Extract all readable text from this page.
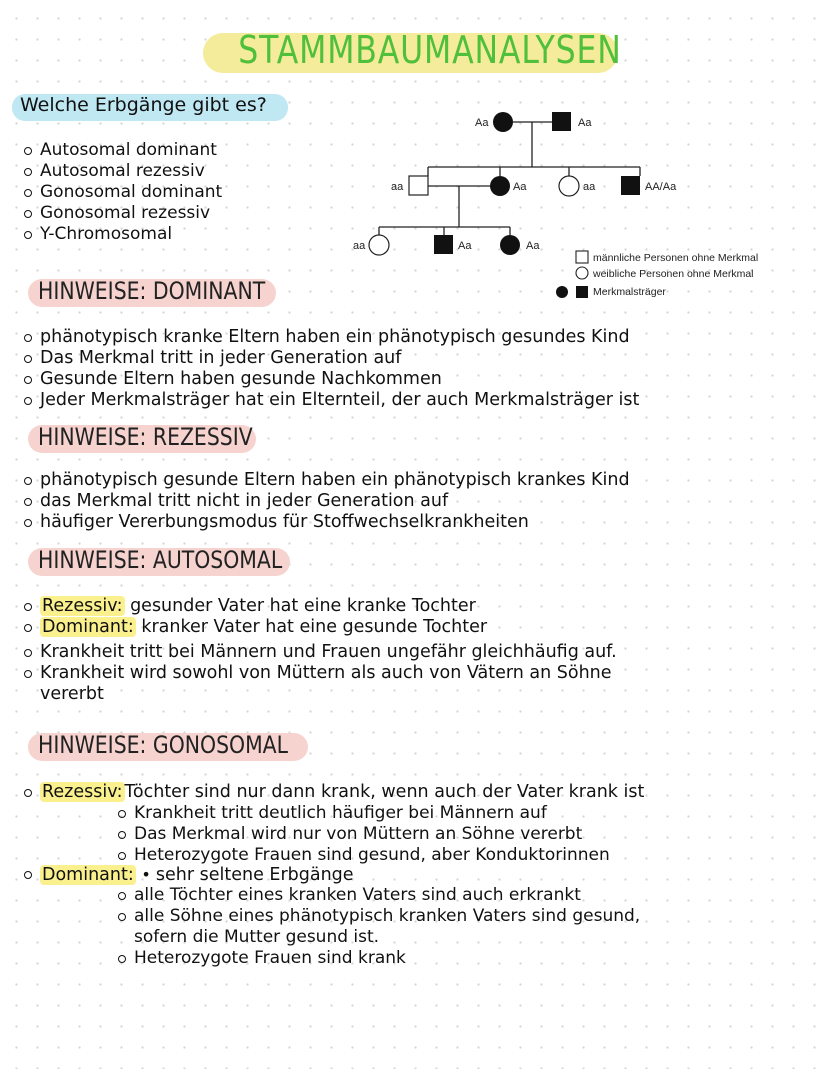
STAMMBAUMANALYSEN
Welche Erbgänge gibt es?
Autosomal dominant
Autosomal rezessiv
Gonosomal dominant
Gonosomal rezessiv
Y-Chromosomal
Aa	Aa
aa	Aa	aa	AA/Aa
aa	Aa	Aa
männliche Personen ohne Merkmal
weibliche Personen ohne Merkmal
Merkmalsträger
HINWEISE: DOMINANT
phänotypisch kranke Eltern haben ein phänotypisch gesundes Kind
Das Merkmal tritt in jeder Generation auf
Gesunde Eltern haben gesunde Nachkommen
Jeder Merkmalsträger hat ein Elternteil, der auch Merkmalsträger ist
HINWEISE: REZESSIV
phänotypisch gesunde Eltern haben ein phänotypisch krankes Kind
das Merkmal tritt nicht in jeder Generation auf
häufiger Vererbungsmodus für Stoffwechselkrankheiten
HINWEISE: AUTOSOMAL
Rezessiv: gesunder Vater hat eine kranke Tochter
Dominant: kranker Vater hat eine gesunde Tochter
Krankheit tritt bei Männern und Frauen ungefähr gleichhäufig auf.
Krankheit wird sowohl von Müttern als auch von Vätern an Söhne
vererbt
HINWEISE: GONOSOMAL
Rezessiv: Töchter sind nur dann krank, wenn auch der Vater krank ist
Krankheit tritt deutlich häufiger bei Männern auf
Das Merkmal wird nur von Müttern an Söhne vererbt
Heterozygote Frauen sind gesund, aber Konduktorinnen
Dominant: • sehr seltene Erbgänge
alle Töchter eines kranken Vaters sind auch erkrankt
alle Söhne eines phänotypisch kranken Vaters sind gesund,
sofern die Mutter gesund ist.
Heterozygote Frauen sind krank
